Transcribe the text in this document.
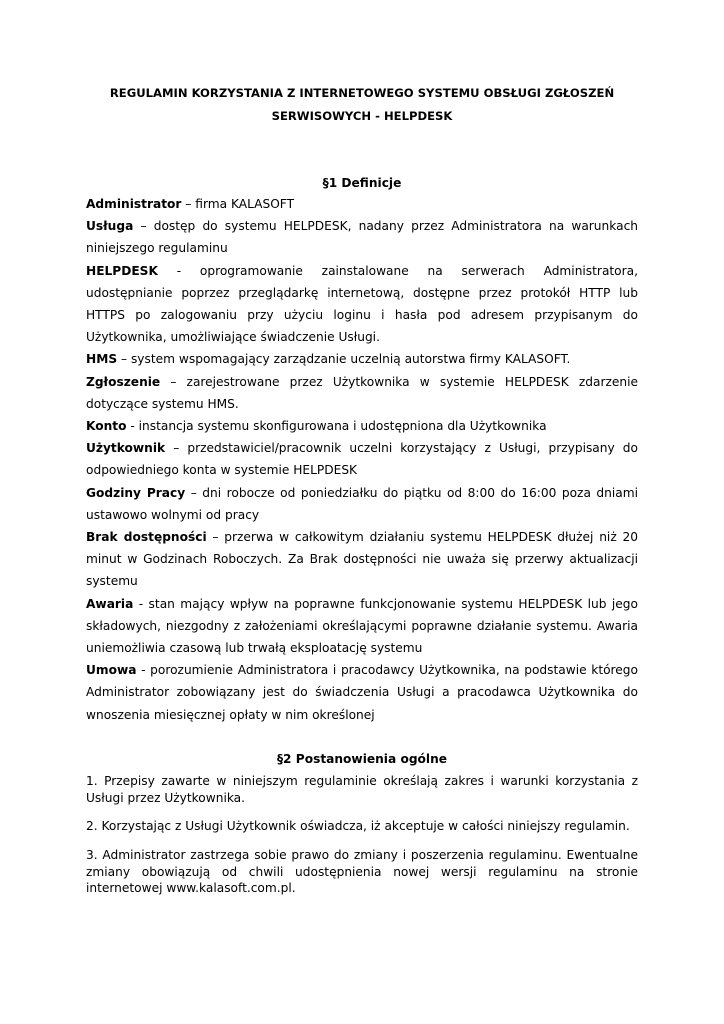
REGULAMIN KORZYSTANIA Z INTERNETOWEGO SYSTEMU OBSŁUGI ZGŁOSZEŃ
SERWISOWYCH - HELPDESK
§1 Definicje

Administrator – firma KALASOFT

Usługa – dostęp do systemu HELPDESK, nadany przez Administratora na warunkach niniejszego regulaminu

HELPDESK - oprogramowanie zainstalowane na serwerach Administratora, udostępnianie poprzez przeglądarkę internetową, dostępne przez protokół HTTP lub HTTPS po zalogowaniu przy użyciu loginu i hasła pod adresem przypisanym do Użytkownika, umożliwiające świadczenie Usługi.

HMS – system wspomagający zarządzanie uczelnią autorstwa firmy KALASOFT.

Zgłoszenie – zarejestrowane przez Użytkownika w systemie HELPDESK zdarzenie dotyczące systemu HMS.

Konto - instancja systemu skonfigurowana i udostępniona dla Użytkownika

Użytkownik – przedstawiciel/pracownik uczelni korzystający z Usługi, przypisany do odpowiedniego konta w systemie HELPDESK

Godziny Pracy – dni robocze od poniedziałku do piątku od 8:00 do 16:00 poza dniami ustawowo wolnymi od pracy

Brak dostępności – przerwa w całkowitym działaniu systemu HELPDESK dłużej niż 20 minut w Godzinach Roboczych. Za Brak dostępności nie uważa się przerwy aktualizacji systemu

Awaria - stan mający wpływ na poprawne funkcjonowanie systemu HELPDESK lub jego składowych, niezgodny z założeniami określającymi poprawne działanie systemu. Awaria uniemożliwia czasową lub trwałą eksploatację systemu

Umowa - porozumienie Administratora i pracodawcy Użytkownika, na podstawie którego Administrator zobowiązany jest do świadczenia Usługi a pracodawca Użytkownika do wnoszenia miesięcznej opłaty w nim określonej

§2 Postanowienia ogólne

1. Przepisy zawarte w niniejszym regulaminie określają zakres i warunki korzystania z Usługi przez Użytkownika.

2. Korzystając z Usługi Użytkownik oświadcza, iż akceptuje w całości niniejszy regulamin.

3. Administrator zastrzega sobie prawo do zmiany i poszerzenia regulaminu. Ewentualne zmiany obowiązują od chwili udostępnienia nowej wersji regulaminu na stronie internetowej www.kalasoft.com.pl.
